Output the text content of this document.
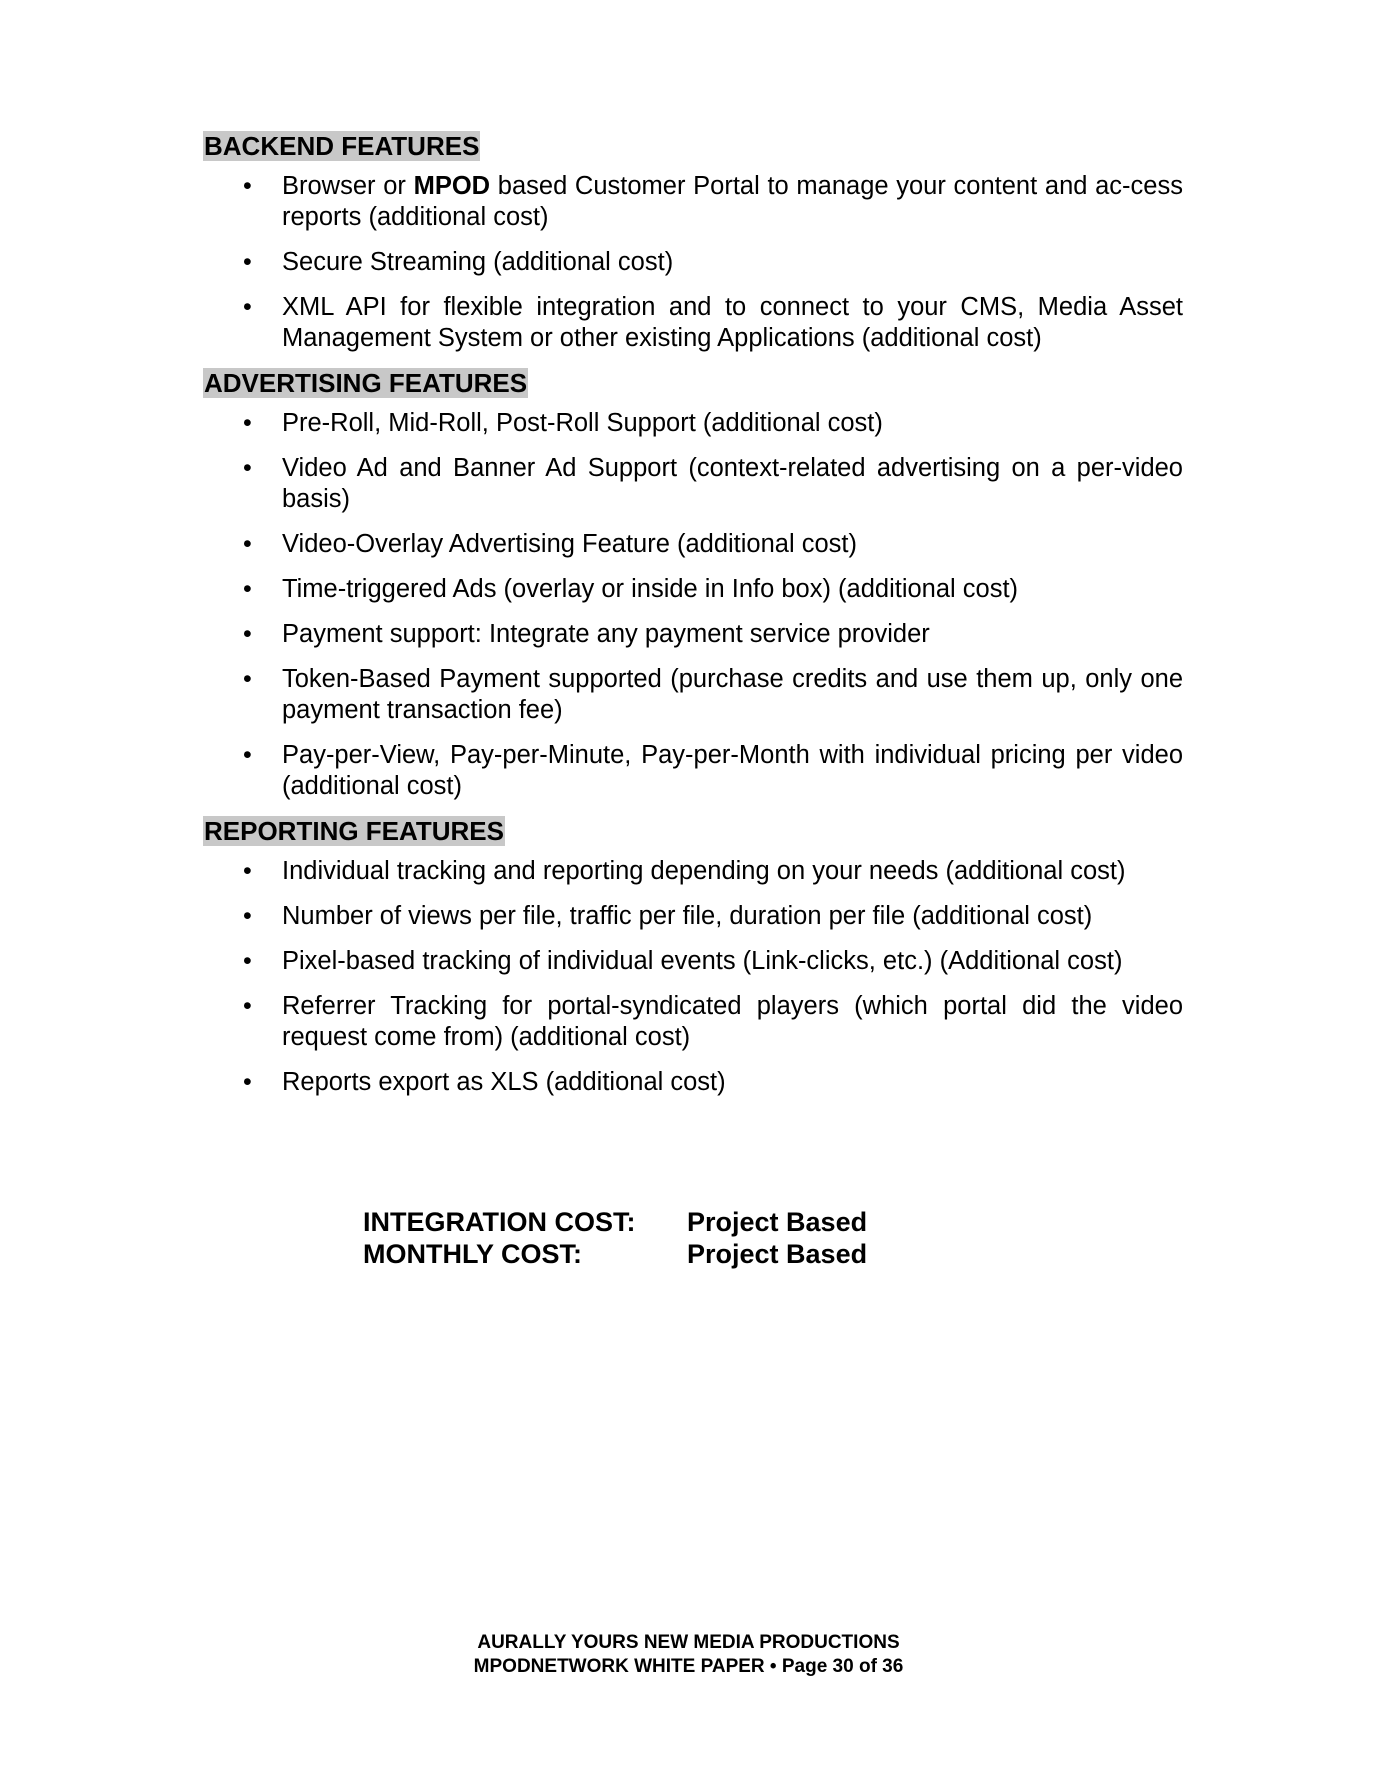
BACKEND FEATURES
• Browser or MPOD based Customer Portal to manage your content and ac-cess reports (additional cost)
• Secure Streaming (additional cost)
• XML API for flexible integration and to connect to your CMS, Media Asset Management System or other existing Applications (additional cost)
ADVERTISING FEATURES
• Pre-Roll, Mid-Roll, Post-Roll Support (additional cost)
• Video Ad and Banner Ad Support (context-related advertising on a per-video basis)
• Video-Overlay Advertising Feature (additional cost)
• Time-triggered Ads (overlay or inside in Info box) (additional cost)
• Payment support: Integrate any payment service provider
• Token-Based Payment supported (purchase credits and use them up, only one payment transaction fee)
• Pay-per-View, Pay-per-Minute, Pay-per-Month with individual pricing per video (additional cost)
REPORTING FEATURES
• Individual tracking and reporting depending on your needs (additional cost)
• Number of views per file, traffic per file, duration per file (additional cost)
• Pixel-based tracking of individual events (Link-clicks, etc.) (Additional cost)
• Referrer Tracking for portal-syndicated players (which portal did the video request come from) (additional cost)
• Reports export as XLS (additional cost)
INTEGRATION COST:	Project Based
MONTHLY COST:	Project Based
AURALLY YOURS NEW MEDIA PRODUCTIONS
MPODNETWORK WHITE PAPER • Page 30 of 36
